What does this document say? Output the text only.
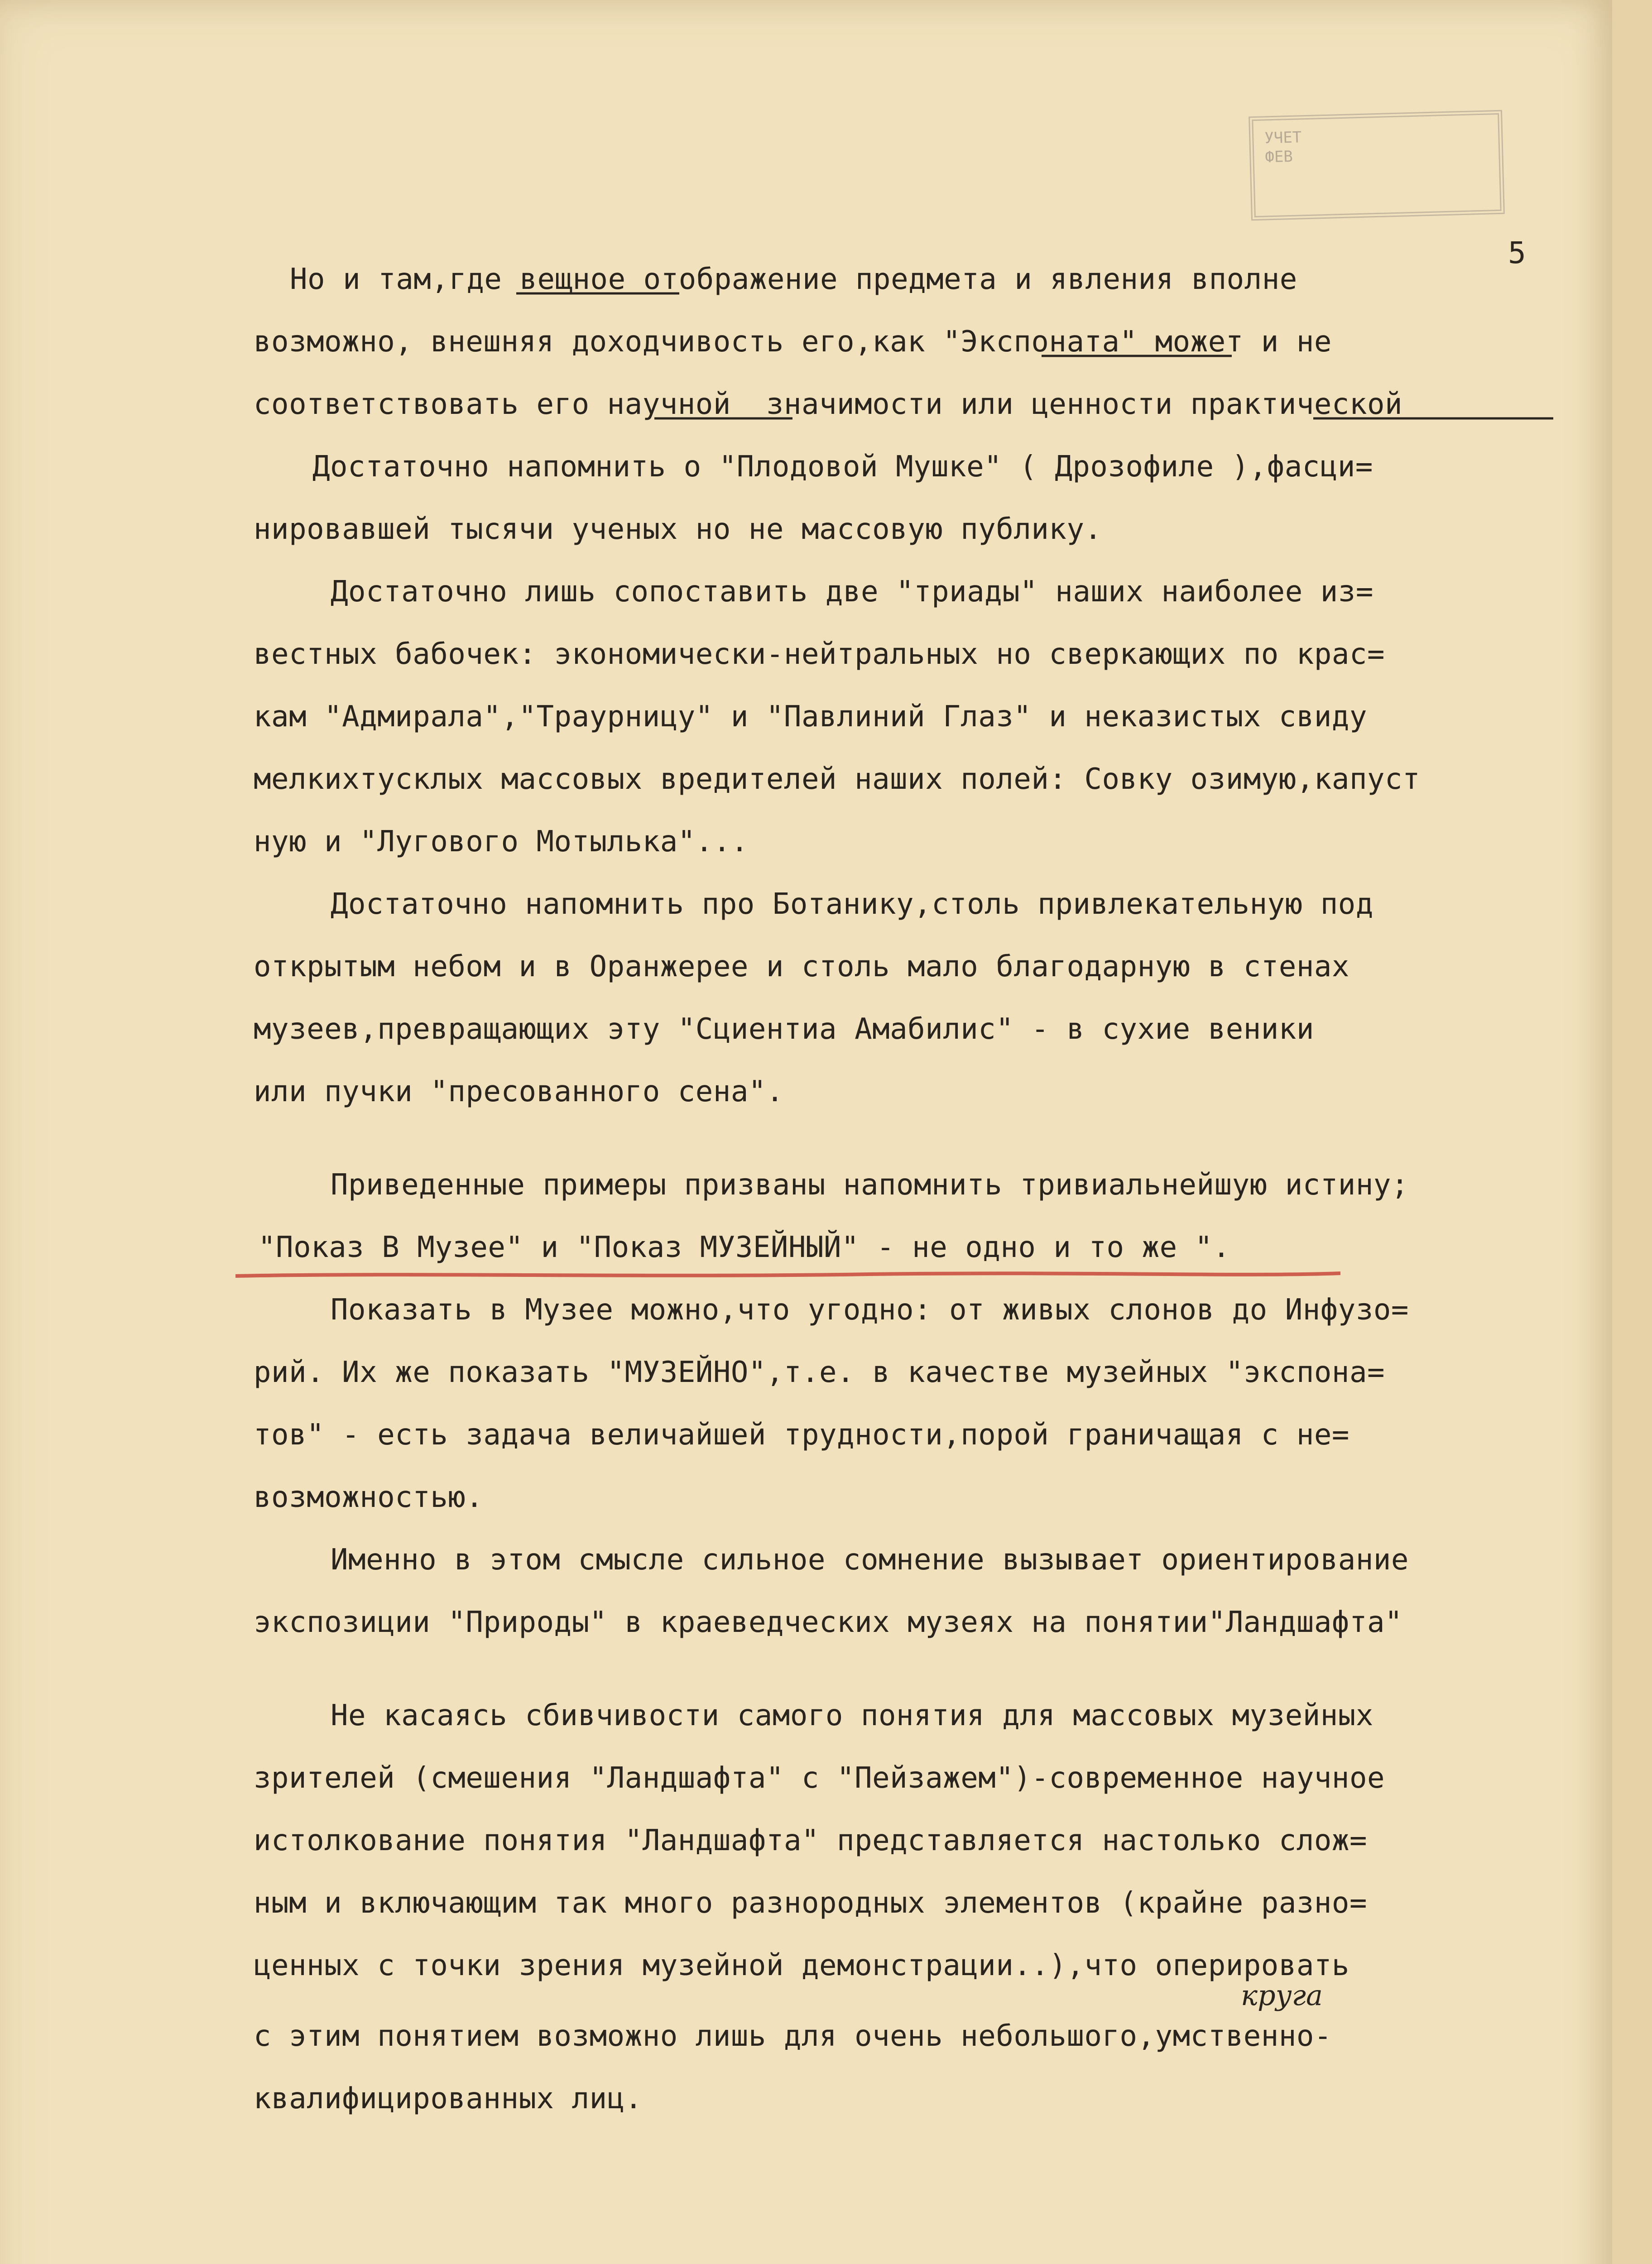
УЧЕТ
ФЕВ
5
Но и там,где вещное отображение предмета и явления вполне
возможно, внешняя доходчивость его,как "Экспоната" может и не
соответствовать его научной  значимости или ценности практической
Достаточно напомнить о "Плодовой Мушке" ( Дрозофиле ),фасци=
нировавшей тысячи ученых но не массовую публику.
Достаточно лишь сопоставить две "триады" наших наиболее из=
вестных бабочек: экономически-нейтральных но сверкающих по крас=
кам "Адмирала","Траурницу" и "Павлиний Глаз" и неказистых свиду
мелкихтусклых массовых вредителей наших полей: Совку озимую,капуст
ную и "Лугового Мотылька"...
Достаточно напомнить про Ботанику,столь привлекательную под
открытым небом и в Оранжерее и столь мало благодарную в стенах
музеев,превращающих эту "Сциентиа Амабилис" - в сухие веники
или пучки "пресованного сена".
Приведенные примеры призваны напомнить тривиальнейшую истину;
"Показ В Музее" и "Показ МУЗЕЙНЫЙ" - не одно и то же ".
Показать в Музее можно,что угодно: от живых слонов до Инфузо=
рий. Их же показать "МУЗЕЙНО",т.е. в качестве музейных "экспона=
тов" - есть задача величайшей трудности,порой граничащая с не=
возможностью.
Именно в этом смысле сильное сомнение вызывает ориентирование
экспозиции "Природы" в краеведческих музеях на понятии"Ландшафта"
Не касаясь сбивчивости самого понятия для массовых музейных
зрителей (смешения "Ландшафта" с "Пейзажем")-современное научное
истолкование понятия "Ландшафта" представляется настолько слож=
ным и включающим так много разнородных элементов (крайне разно=
ценных с точки зрения музейной демонстрации..),что оперировать
с этим понятием возможно лишь для очень небольшого,умственно-
квалифицированных лиц.
круга
